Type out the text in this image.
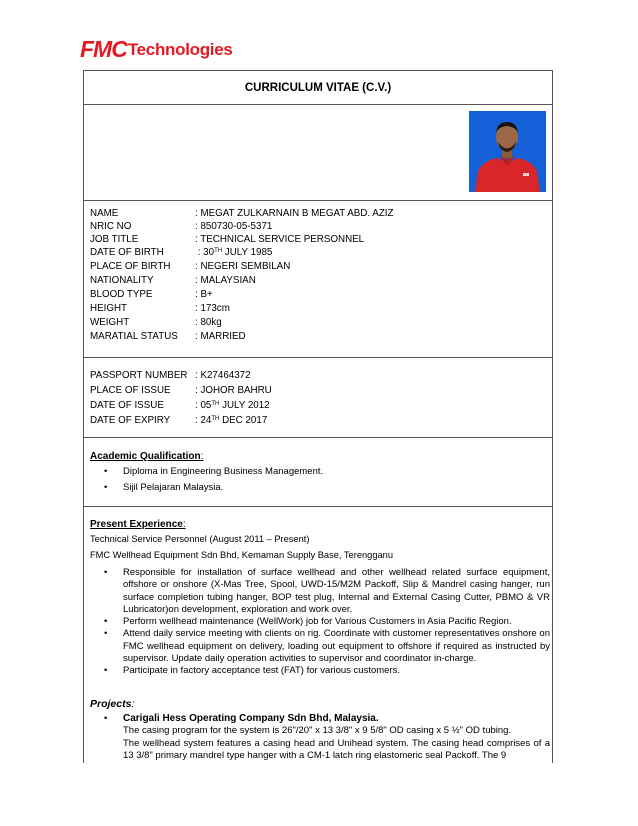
FMC Technologies
CURRICULUM VITAE (C.V.)
NAME	: MEGAT ZULKARNAIN B MEGAT ABD. AZIZ
NRIC NO	: 850730-05-5371
JOB TITLE	: TECHNICAL SERVICE PERSONNEL
DATE OF BIRTH	: 30TH JULY 1985
PLACE OF BIRTH	: NEGERI SEMBILAN
NATIONALITY	: MALAYSIAN
BLOOD TYPE	: B+
HEIGHT	: 173cm
WEIGHT	: 80kg
MARATIAL STATUS : MARRIED
PASSPORT NUMBER : K27464372
PLACE OF ISSUE : JOHOR BAHRU
DATE OF ISSUE	: 05TH JULY 2012
DATE OF EXPIRY	: 24TH DEC 2017
Academic Qualification:
• Diploma in Engineering Business Management.
• Sijil Pelajaran Malaysia.
Present Experience:
Technical Service Personnel (August 2011 – Present)
FMC Wellhead Equipment Sdn Bhd, Kemaman Supply Base, Terengganu
• Responsible for installation of surface wellhead and other wellhead related surface equipment, offshore or onshore (X-Mas Tree, Spool, UWD-15/M2M Packoff, Slip & Mandrel casing hanger, run surface completion tubing hanger, BOP test plug, Internal and External Casing Cutter, PBMO & VR Lubricator)on development, exploration and work over.
• Perform wellhead maintenance (WellWork) job for Various Customers in Asia Pacific Region.
• Attend daily service meeting with clients on rig. Coordinate with customer representatives onshore on FMC wellhead equipment on delivery, loading out equipment to offshore if required as instructed by supervisor. Update daily operation activities to supervisor and coordinator in-charge.
• Participate in factory acceptance test (FAT) for various customers.
Projects:
• Carigali Hess Operating Company Sdn Bhd, Malaysia.

The casing program for the system is 26"/20" x 13 3/8" x 9 5/8" OD casing x 5 ½" OD tubing.

The wellhead system features a casing head and Unihead system. The casing head comprises of a 13 3/8" primary mandrel type hanger with a CM-1 latch ring elastomeric seal Packoff. The 9
